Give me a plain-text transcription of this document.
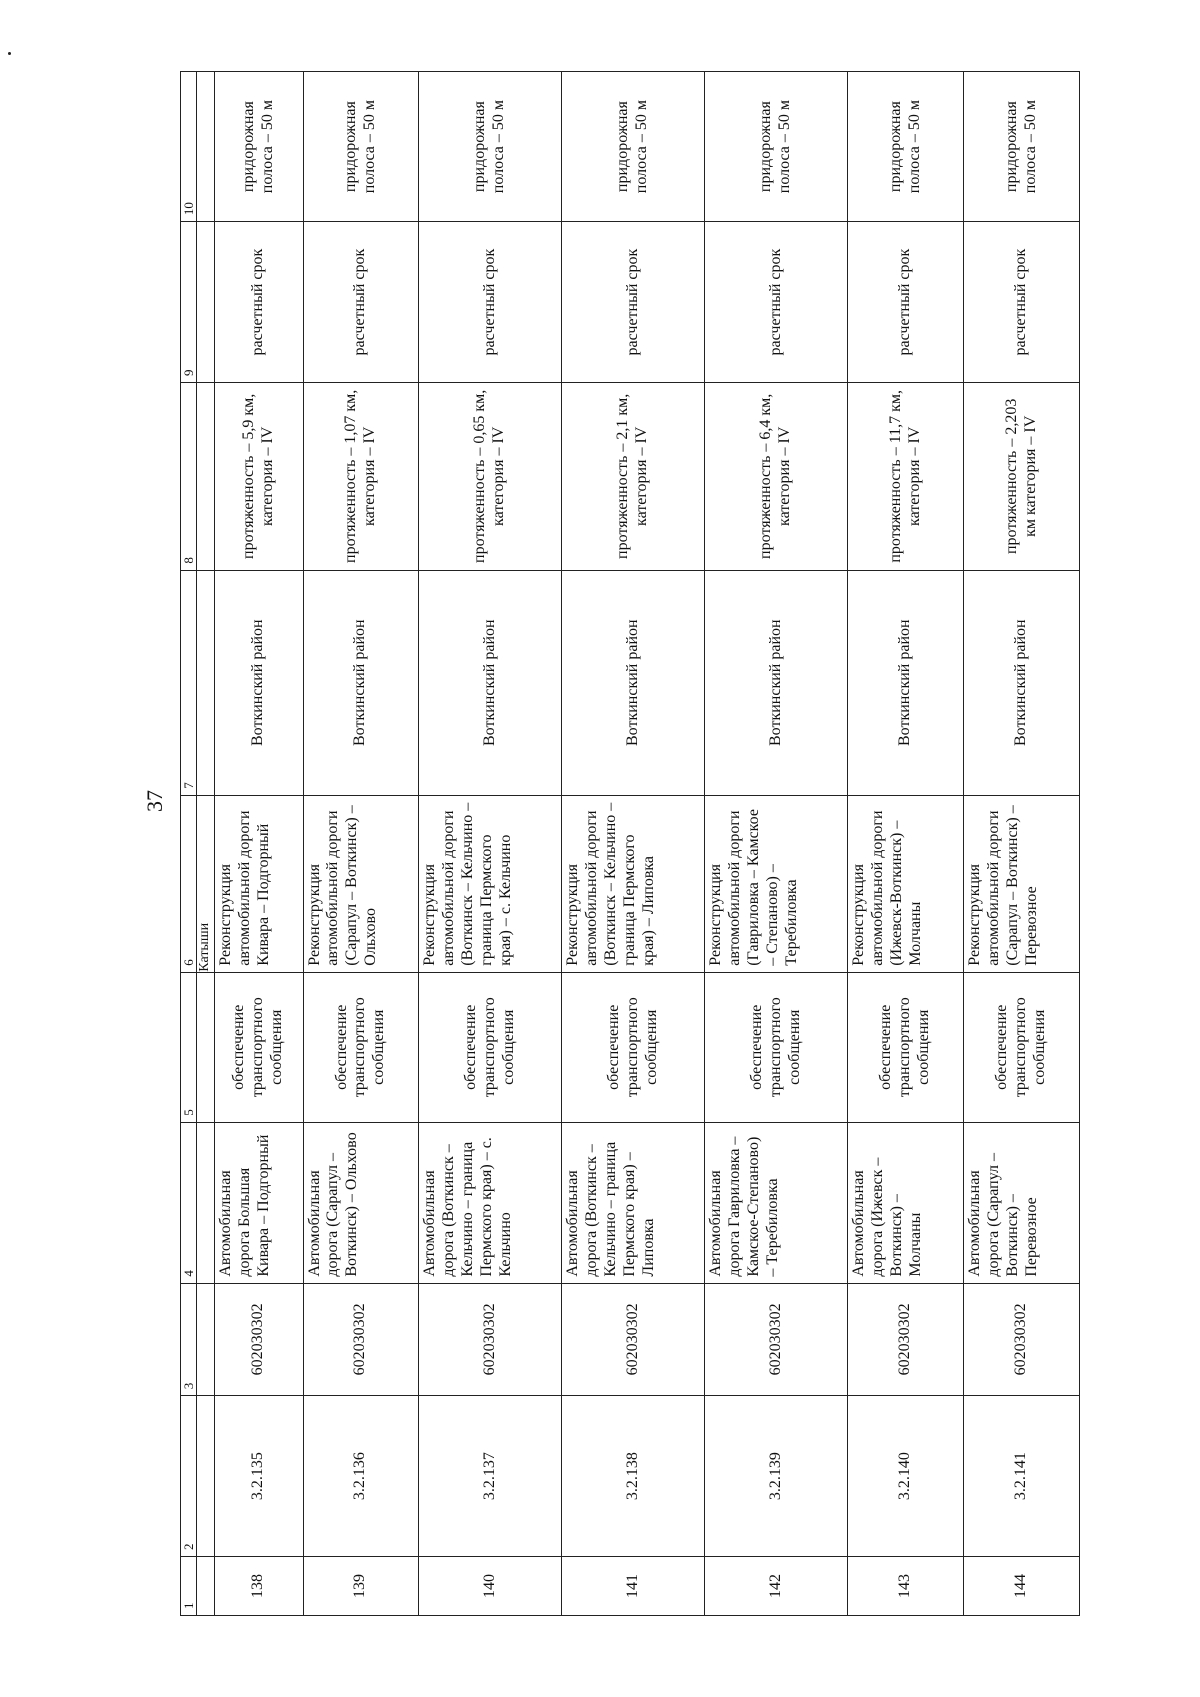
37
1	2	3	4	5	6	7	8	9	10
					Катыши				
138	3.2.135	602030302	Автомобильная дорога Большая Кивара – Подгорный	обеспечение транспортного сообщения	Реконструкция автомобильной дороги Кивара – Подгорный	Воткинский район	протяженность – 5,9 км, категория – IV	расчетный срок	придорожная полоса – 50 м
139	3.2.136	602030302	Автомобильная дорога (Сарапул – Воткинск) – Ольховo	обеспечение транспортного сообщения	Реконструкция автомобильной дороги (Сарапул – Воткинск) – Ольхово	Воткинский район	протяженность – 1,07 км, категория – IV	расчетный срок	придорожная полоса – 50 м
140	3.2.137	602030302	Автомобильная дорога (Воткинск – Кельчино – граница Пермского края) – с. Кельчино	обеспечение транспортного сообщения	Реконструкция автомобильной дороги (Воткинск – Кельчино –граница Пермского края) – с. Кельчино	Воткинский район	протяженность – 0,65 км, категория – IV	расчетный срок	придорожная полоса – 50 м
141	3.2.138	602030302	Автомобильная дорога (Воткинск – Кельчино – граница Пермского края) – Липовка	обеспечение транспортного сообщения	Реконструкция автомобильной дороги (Воткинск – Кельчино –граница Пермского края) – Липовка	Воткинский район	протяженность – 2,1 км, категория – IV	расчетный срок	придорожная полоса – 50 м
142	3.2.139	602030302	Автомобильная дорога Гавриловка – Камское-Степаново) – Теребиловка	обеспечение транспортного сообщения	Реконструкция автомобильной дороги (Гавриловка – Камское – Степаново) – Теребиловка	Воткинский район	протяженность – 6,4 км, категория – IV	расчетный срок	придорожная полоса – 50 м
143	3.2.140	602030302	Автомобильная дорога (Ижевск – Воткинск) – Молчаны	обеспечение транспортного сообщения	Реконструкция автомобильной дороги (Ижевск-Воткинск) – Молчаны	Воткинский район	протяженность – 11,7 км, категория – IV	расчетный срок	придорожная полоса – 50 м
144	3.2.141	602030302	Автомобильная дорога (Сарапул – Воткинск) – Перевозное	обеспечение транспортного сообщения	Реконструкция автомобильной дороги (Сарапул – Воткинск) – Перевозное	Воткинский район	протяженность – 2,203 км категория – IV	расчетный срок	придорожная полоса – 50 м
